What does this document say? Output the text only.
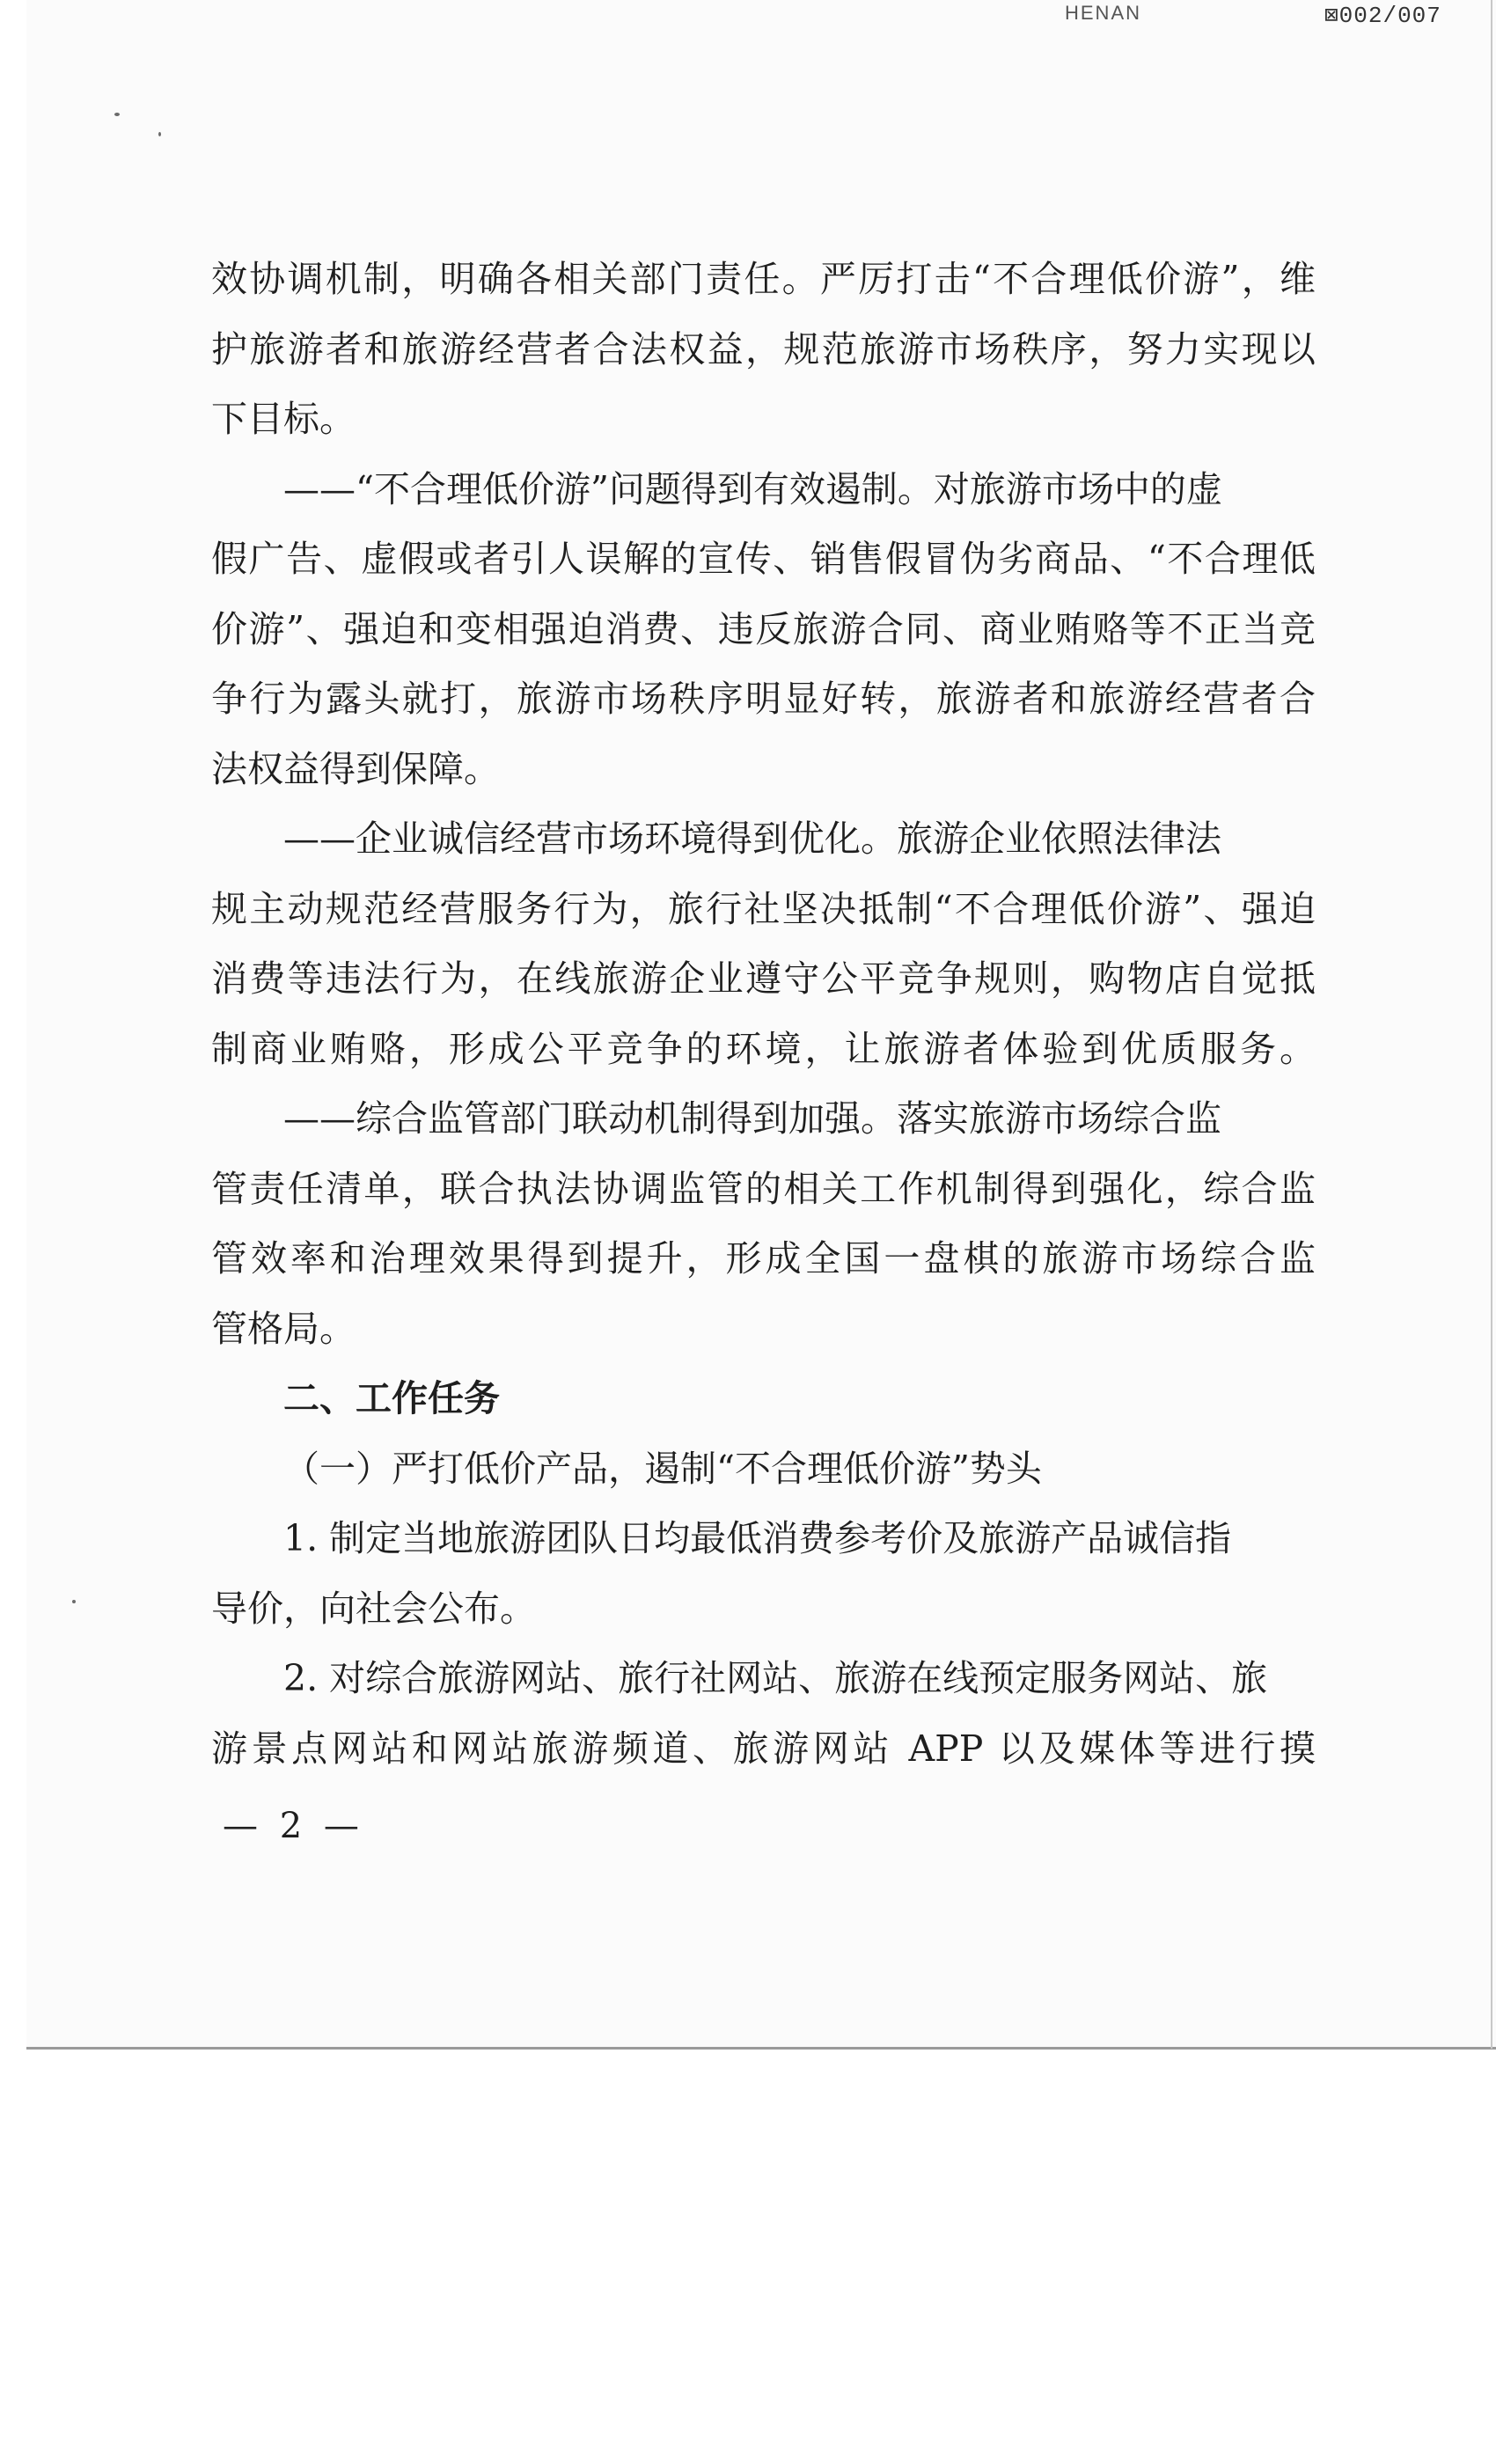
HENAN	⊠002/007
效协调机制，明确各相关部门责任。严厉打击“不合理低价游”，维
护旅游者和旅游经营者合法权益，规范旅游市场秩序，努力实现以
下目标。
——“不合理低价游”问题得到有效遏制。对旅游市场中的虚
假广告、虚假或者引人误解的宣传、销售假冒伪劣商品、“不合理低
价游”、强迫和变相强迫消费、违反旅游合同、商业贿赂等不正当竞
争行为露头就打，旅游市场秩序明显好转，旅游者和旅游经营者合
法权益得到保障。
——企业诚信经营市场环境得到优化。旅游企业依照法律法
规主动规范经营服务行为，旅行社坚决抵制“不合理低价游”、强迫
消费等违法行为，在线旅游企业遵守公平竞争规则，购物店自觉抵
制商业贿赂，形成公平竞争的环境，让旅游者体验到优质服务。
——综合监管部门联动机制得到加强。落实旅游市场综合监
管责任清单，联合执法协调监管的相关工作机制得到强化，综合监
管效率和治理效果得到提升，形成全国一盘棋的旅游市场综合监
管格局。
二、工作任务
（一）严打低价产品，遏制“不合理低价游”势头
1. 制定当地旅游团队日均最低消费参考价及旅游产品诚信指
导价，向社会公布。
2. 对综合旅游网站、旅行社网站、旅游在线预定服务网站、旅
游景点网站和网站旅游频道、旅游网站 APP 以及媒体等进行摸
— 2 —
